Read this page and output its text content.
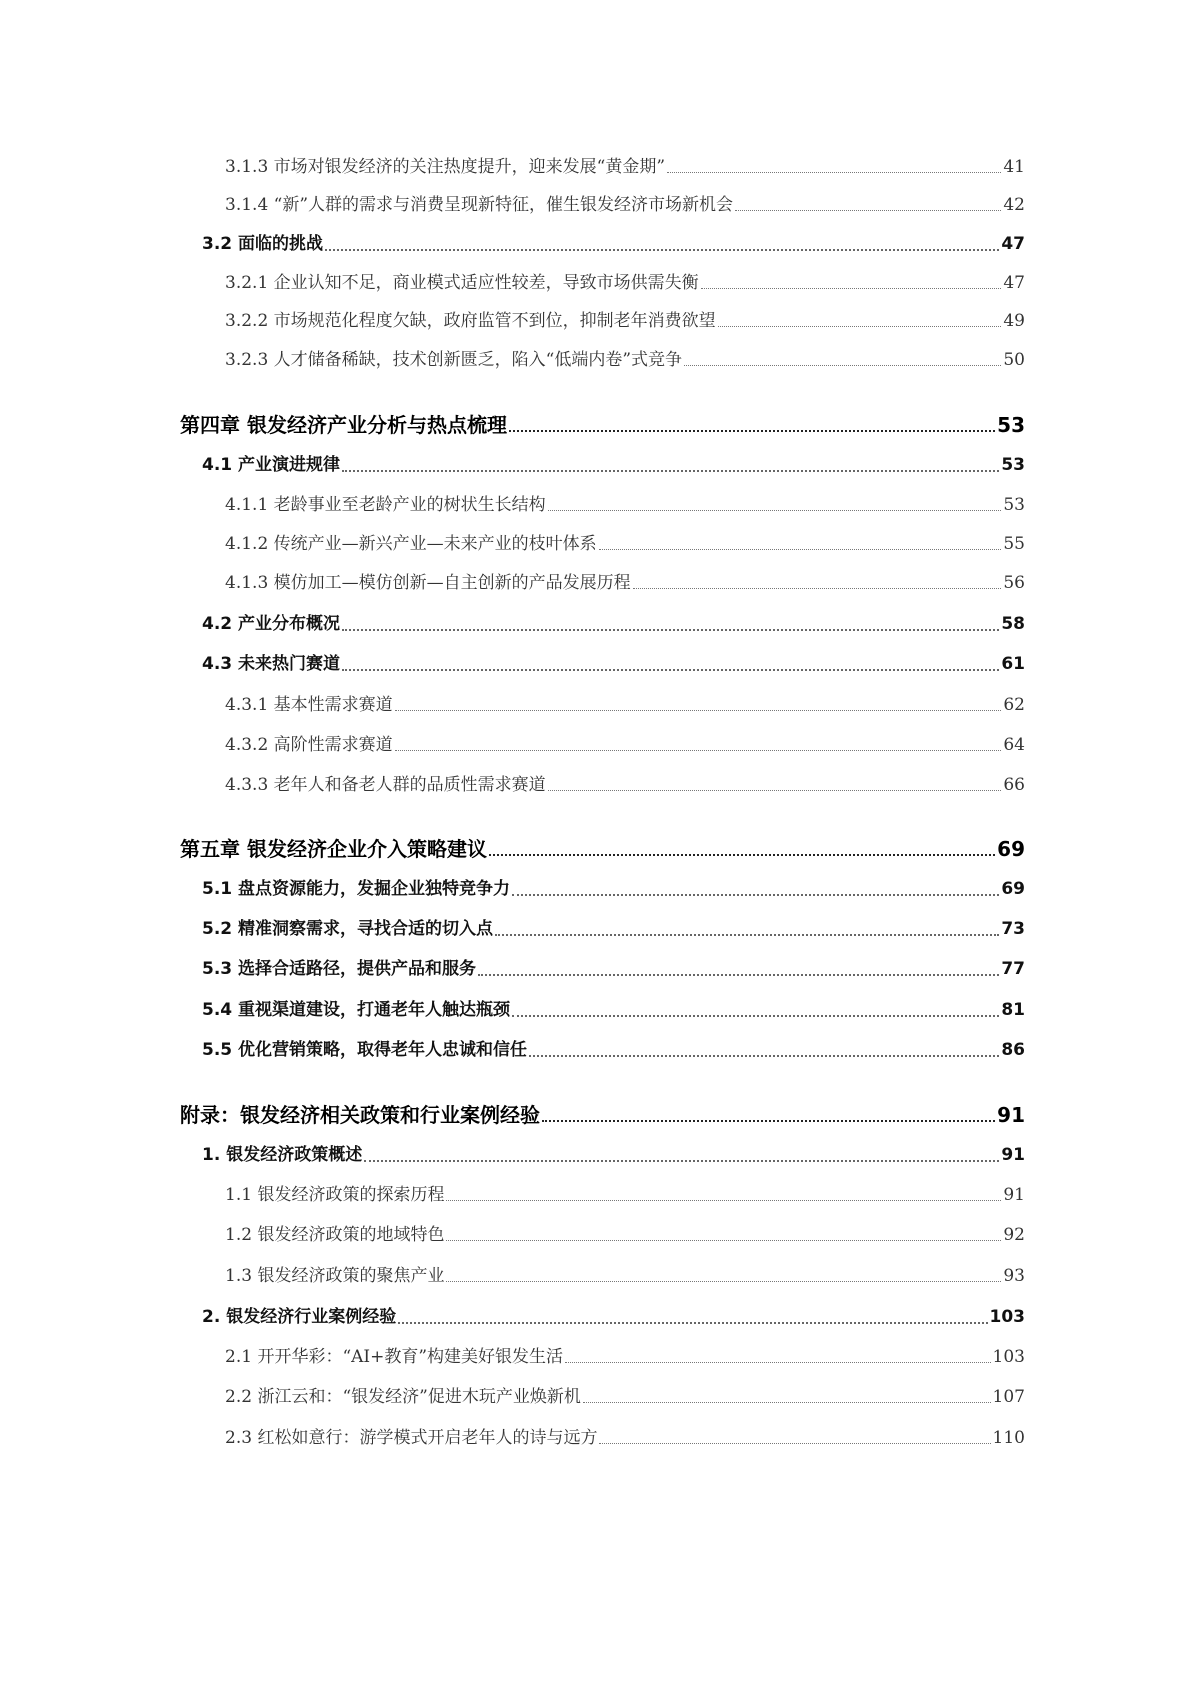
3.1.3 市场对银发经济的关注热度提升，迎来发展“黄金期”	41
3.1.4 “新”人群的需求与消费呈现新特征，催生银发经济市场新机会	42
3.2 面临的挑战	47
3.2.1 企业认知不足，商业模式适应性较差，导致市场供需失衡	47
3.2.2 市场规范化程度欠缺，政府监管不到位，抑制老年消费欲望	49
3.2.3 人才储备稀缺，技术创新匮乏，陷入“低端内卷”式竞争	50
第四章 银发经济产业分析与热点梳理	53
4.1 产业演进规律	53
4.1.1 老龄事业至老龄产业的树状生长结构	53
4.1.2 传统产业—新兴产业—未来产业的枝叶体系	55
4.1.3 模仿加工—模仿创新—自主创新的产品发展历程	56
4.2 产业分布概况	58
4.3 未来热门赛道	61
4.3.1 基本性需求赛道	62
4.3.2 高阶性需求赛道	64
4.3.3 老年人和备老人群的品质性需求赛道	66
第五章 银发经济企业介入策略建议	69
5.1 盘点资源能力，发掘企业独特竞争力	69
5.2 精准洞察需求，寻找合适的切入点	73
5.3 选择合适路径，提供产品和服务	77
5.4 重视渠道建设，打通老年人触达瓶颈	81
5.5 优化营销策略，取得老年人忠诚和信任	86
附录：银发经济相关政策和行业案例经验	91
1. 银发经济政策概述	91
1.1 银发经济政策的探索历程	91
1.2 银发经济政策的地域特色	92
1.3 银发经济政策的聚焦产业	93
2. 银发经济行业案例经验	103
2.1 开开华彩：“AI+教育”构建美好银发生活	103
2.2 浙江云和：“银发经济”促进木玩产业焕新机	107
2.3 红松如意行：游学模式开启老年人的诗与远方	110
